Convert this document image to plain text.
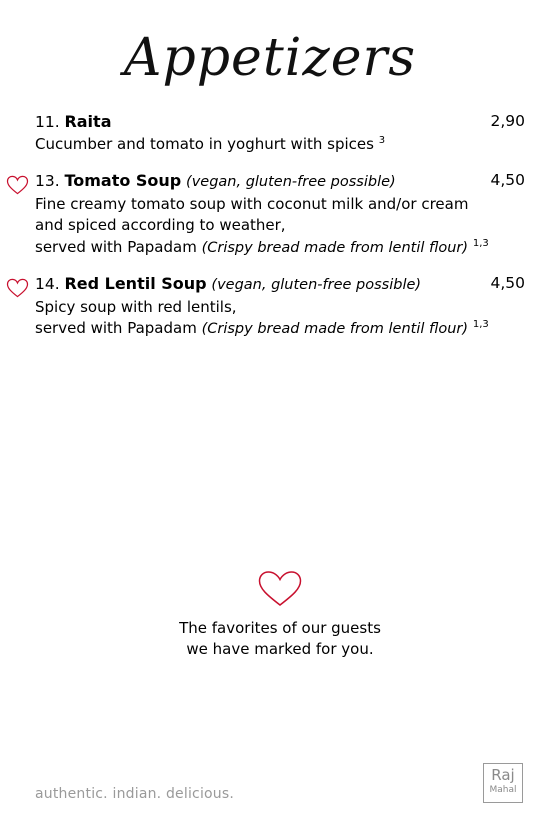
Appetizers
11. Raita	2,90
Cucumber and tomato in yoghurt with spices $^3$
13. Tomato Soup (vegan, gluten-free possible)	4,50
Fine creamy tomato soup with coconut milk and/or cream
and spiced according to weather,
served with Papadam (Crispy bread made from lentil flour) $^{1,3}$
14. Red Lentil Soup (vegan, gluten-free possible)	4,50
Spicy soup with red lentils,
served with Papadam (Crispy bread made from lentil flour) $^{1,3}$
The favorites of our guests
we have marked for you.
authentic. indian. delicious.
Raj
Mahal
